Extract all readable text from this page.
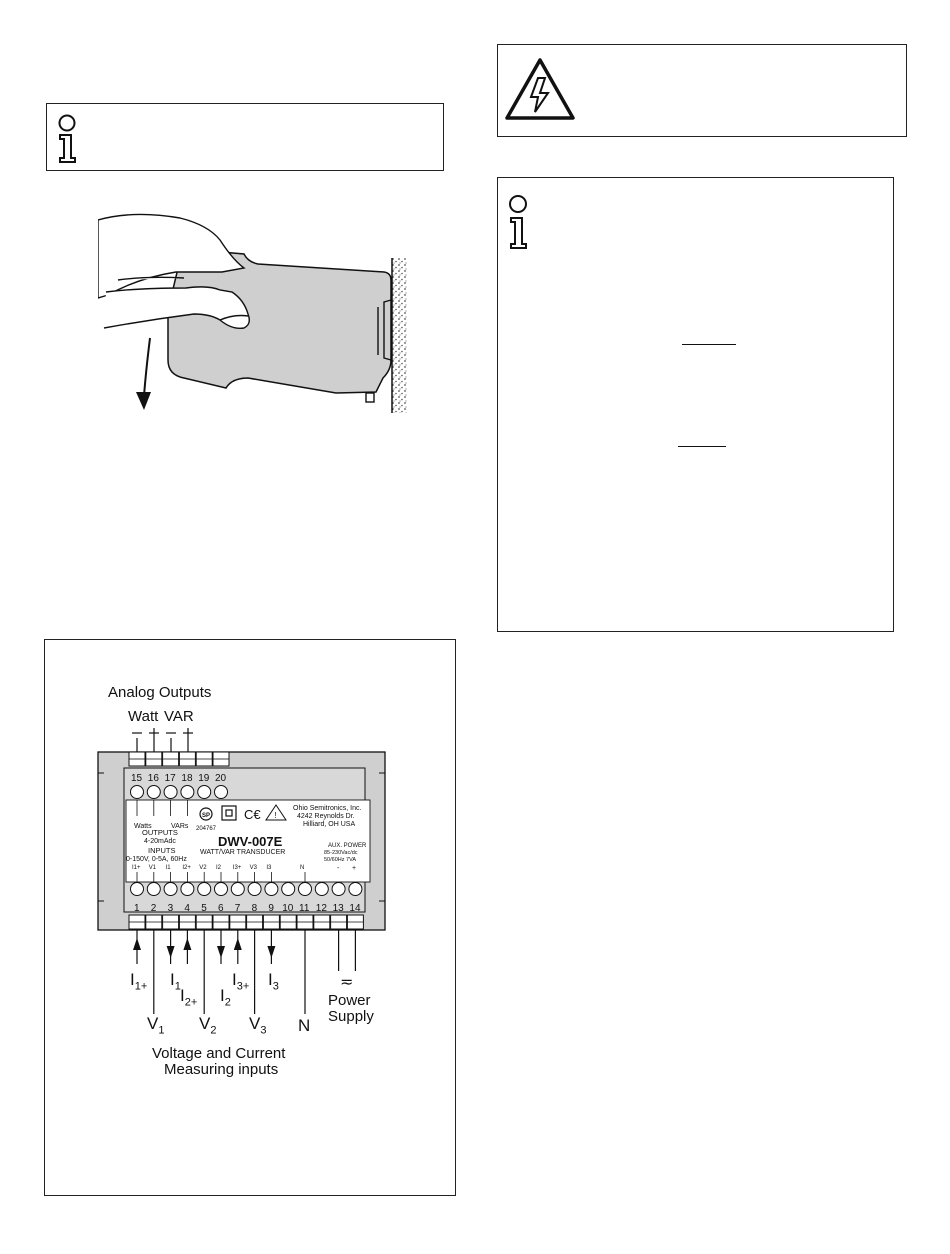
Analog Outputs
Watt VAR
15 16 17 18 19 20
1 2 3 4 5 6 7 8 9 10 11 12 13 14
I1+ V1 I1 I2+ V2 I2 I3+ V3 I3	N
Watts	VARs
OUTPUTS
4-20mAdc
INPUTS
0-150V, 0-5A, 60Hz
SP
204767
C€ !
Ohio Semitronics, Inc.
4242 Reynolds Dr.
Hilliard, OH USA
DWV-007E
WATT/VAR TRANSDUCER
AUX. POWER
85-230Vac/dc
50/60Hz 7VA
- +
$I_{1+}$ $I_1$ $I_{2+}$ $I_2$
$I_{3+}$ $I_3$
$V_1$ $V_2$ $V_3$ N
≂
Power
Supply
Voltage and Current
Measuring inputs
